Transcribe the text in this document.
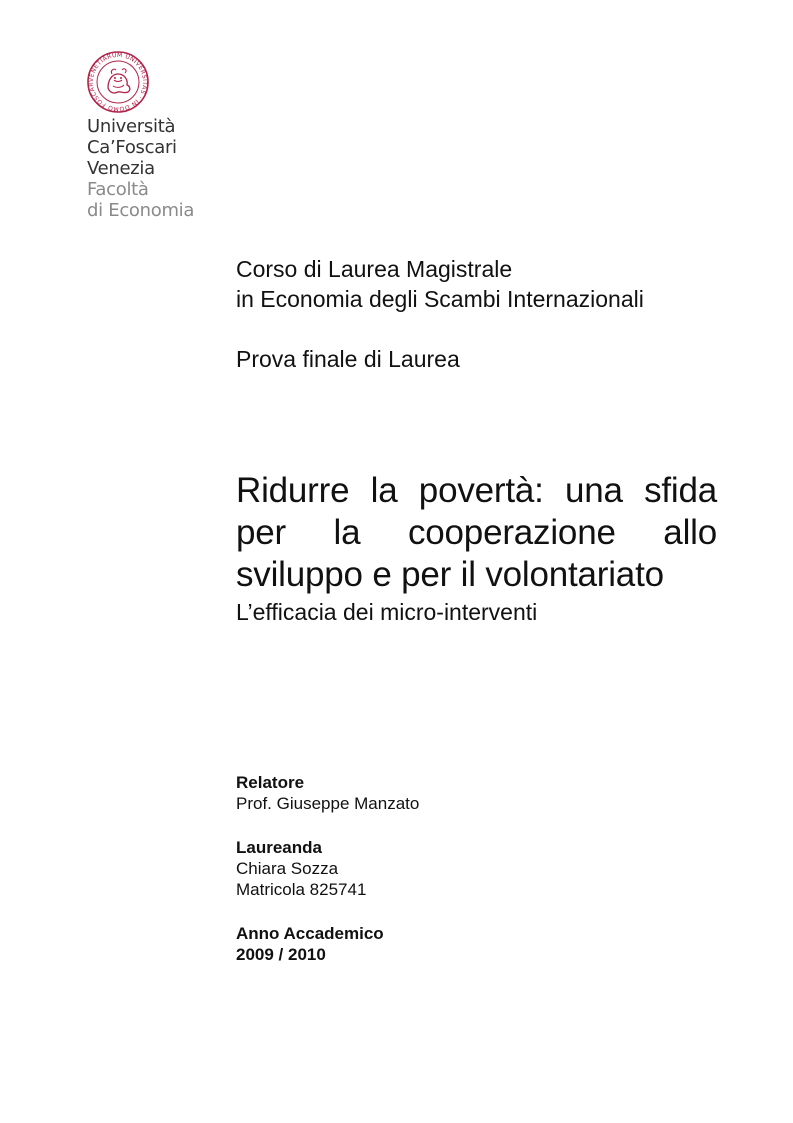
VENETIARUM UNIVERSITAS · IN DOMO FOSCAR
Università
Ca’Foscari
Venezia
Facoltà
di Economia
Corso di Laurea Magistrale
in Economia degli Scambi Internazionali
Prova finale di Laurea
Ridurre la povertà: una sfida
per la cooperazione allo
sviluppo e per il volontariato
L’efficacia dei micro-interventi
Relatore
Prof. Giuseppe Manzato
Laureanda
Chiara Sozza
Matricola 825741
Anno Accademico
2009 / 2010
